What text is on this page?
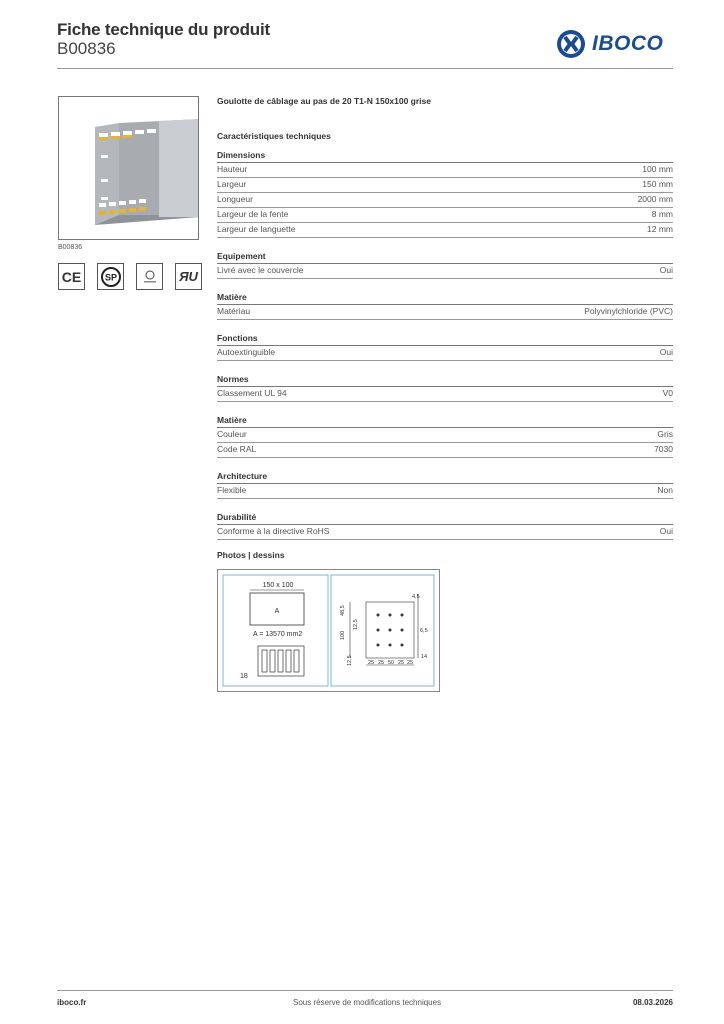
Fiche technique du produit
B00836	IBOCO
B00836
CE	SP	ЯU
Goulotte de câblage au pas de 20 T1-N 150x100 grise
Caractéristiques techniques
Dimensions
Hauteur	100 mm
Largeur	150 mm
Longueur	2000 mm
Largeur de la fente	8 mm
Largeur de languette	12 mm
Equipement
Livré avec le couvercle	Oui
Matière
Matériau	Polyvinylchloride (PVC)
Fonctions
Autoextinguible	Oui
Normes
Classement UL 94	V0
Matière
Couleur	Gris
Code RAL	7030
Architecture
Flexible	Non
Durabilité
Conforme à la directive RoHS	Oui
Photos | dessins
150 x 100
A
A = 13570 mm2
18
4,5
48,5
12,5
100
12,5
6,5
14
25 25 50 25 25
iboco.fr	Sous réserve de modifications techniques	08.03.2026
